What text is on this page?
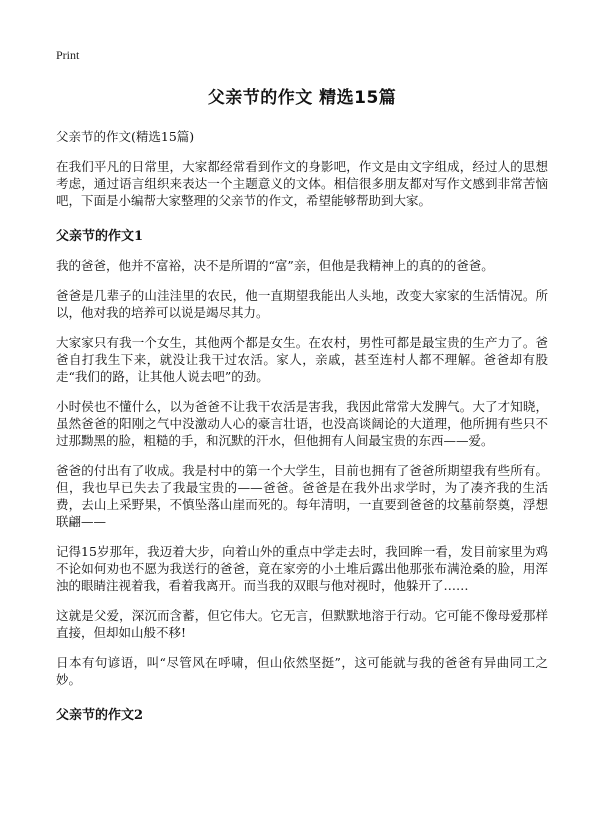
Print
父亲节的作文 精选15篇
父亲节的作文(精选15篇)

在我们平凡的日常里，大家都经常看到作文的身影吧，作文是由文字组成，经过人的思想考虑，通过语言组织来表达一个主题意义的文体。相信很多朋友都对写作文感到非常苦恼吧，下面是小编帮大家整理的父亲节的作文，希望能够帮助到大家。

父亲节的作文1

我的爸爸，他并不富裕，决不是所谓的“富”亲，但他是我精神上的真的的爸爸。

爸爸是几辈子的山洼洼里的农民，他一直期望我能出人头地，改变大家家的生活情况。所以，他对我的培养可以说是竭尽其力。

大家家只有我一个女生，其他两个都是女生。在农村，男性可都是最宝贵的生产力了。爸爸自打我生下来，就没让我干过农活。家人，亲戚，甚至连村人都不理解。爸爸却有股走“我们的路，让其他人说去吧”的劲。

小时侯也不懂什么，以为爸爸不让我干农活是害我，我因此常常大发脾气。大了才知晓，虽然爸爸的阳刚之气中没激动人心的豪言壮语，也没高谈阔论的大道理，他所拥有些只不过那黝黑的脸，粗糙的手，和沉默的汗水，但他拥有人间最宝贵的东西——爱。

爸爸的付出有了收成。我是村中的第一个大学生，目前也拥有了爸爸所期望我有些所有。但，我也早已失去了我最宝贵的——爸爸。爸爸是在我外出求学时，为了凑齐我的生活费，去山上采野果，不慎坠落山崖而死的。每年清明，一直要到爸爸的坟墓前祭奠，浮想联翩——

记得15岁那年，我迈着大步，向着山外的重点中学走去时，我回眸一看，发目前家里为鸡不论如何劝也不愿为我送行的爸爸，竟在家旁的小土堆后露出他那张布满沧桑的脸，用浑浊的眼睛注视着我，看着我离开。而当我的双眼与他对视时，他躲开了……

这就是父爱，深沉而含蓄，但它伟大。它无言，但默默地溶于行动。它可能不像母爱那样直接，但却如山般不移!

日本有句谚语，叫“尽管风在呼啸，但山依然坚挺”，这可能就与我的爸爸有异曲同工之妙。

父亲节的作文2
